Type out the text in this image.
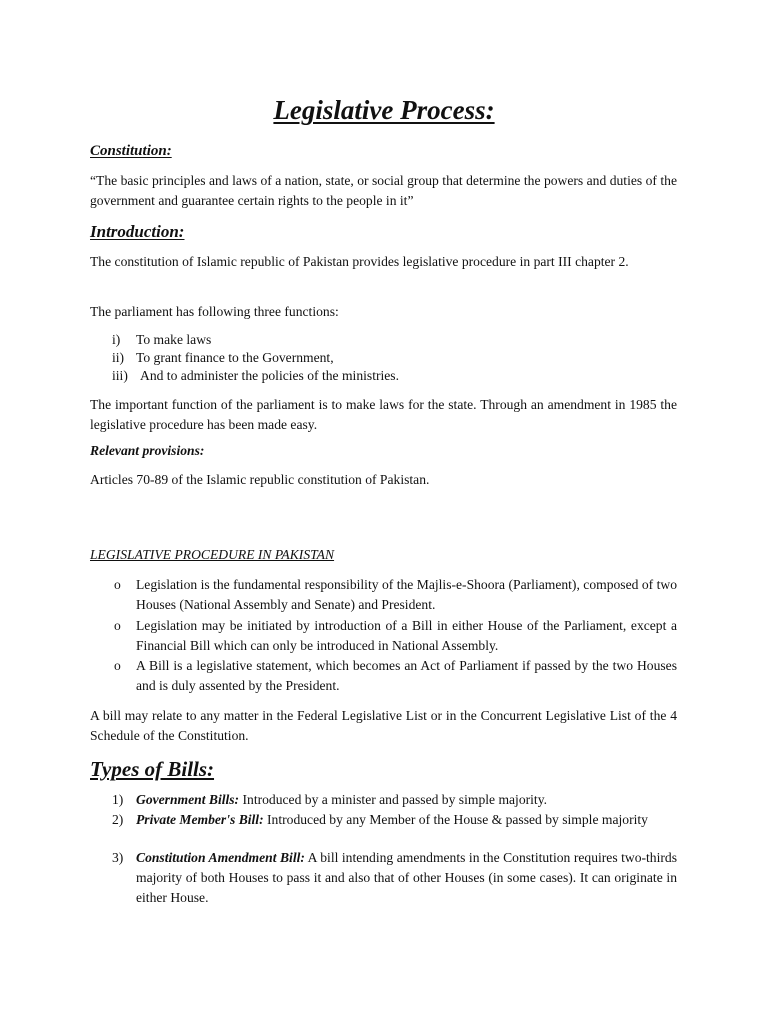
Legislative Process:
Constitution:

“The basic principles and laws of a nation, state, or social group that determine the powers and duties of the government and guarantee certain rights to the people in it”

Introduction:

The constitution of Islamic republic of Pakistan provides legislative procedure in part III chapter 2.

The parliament has following three functions:

i) To make laws
ii) To grant finance to the Government,
iii) And to administer the policies of the ministries.

The important function of the parliament is to make laws for the state. Through an amendment in 1985 the legislative procedure has been made easy.

Relevant provisions:

Articles 70-89 of the Islamic republic constitution of Pakistan.

LEGISLATIVE PROCEDURE IN PAKISTAN
o Legislation is the fundamental responsibility of the Majlis-e-Shoora (Parliament), composed of two Houses (National Assembly and Senate) and President.
o Legislation may be initiated by introduction of a Bill in either House of the Parliament, except a Financial Bill which can only be introduced in National Assembly.
o A Bill is a legislative statement, which becomes an Act of Parliament if passed by the two Houses and is duly assented by the President.

A bill may relate to any matter in the Federal Legislative List or in the Concurrent Legislative List of the 4 Schedule of the Constitution.

Types of Bills:
1) Government Bills: Introduced by a minister and passed by simple majority.
2) Private Member's Bill: Introduced by any Member of the House & passed by simple majority
3) Constitution Amendment Bill: A bill intending amendments in the Constitution requires two-thirds majority of both Houses to pass it and also that of other Houses (in some cases). It can originate in either House.
